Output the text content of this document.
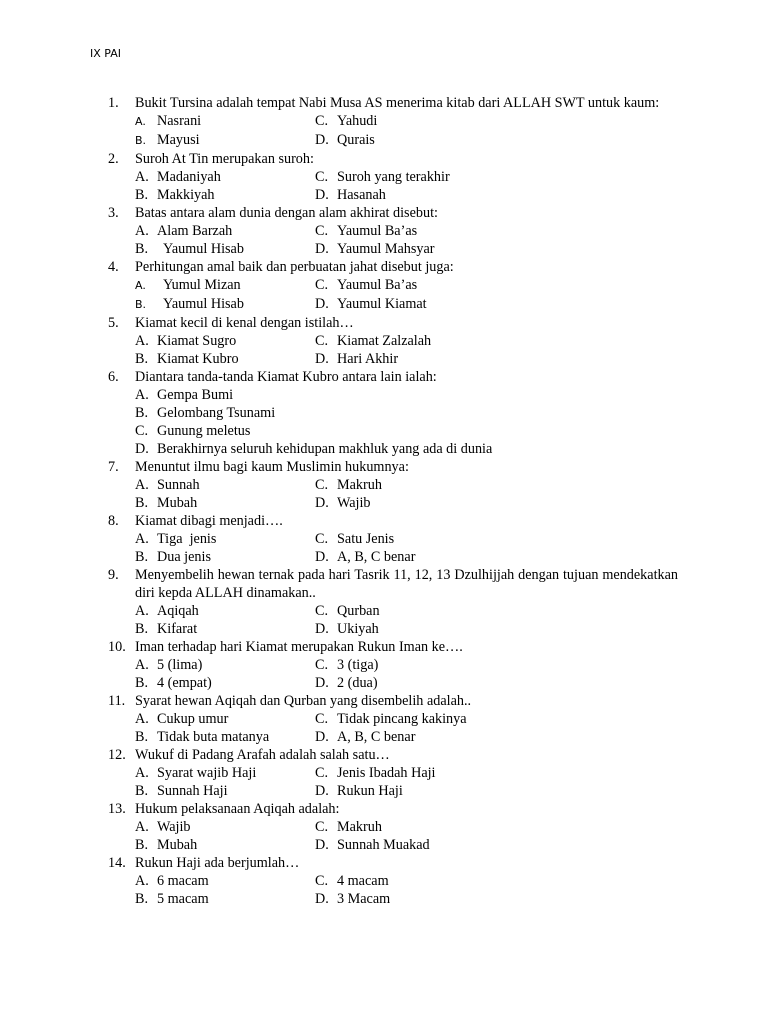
IX PAI
1.	Bukit Tursina adalah tempat Nabi Musa AS menerima kitab dari ALLAH SWT untuk kaum:
A. Nasrani	C. Yahudi
B. Mayusi	D. Qurais
2.	Suroh At Tin merupakan suroh:
A. Madaniyah	C. Suroh yang terakhir
B. Makkiyah	D. Hasanah
3.	Batas antara alam dunia dengan alam akhirat disebut:
A. Alam Barzah	C. Yaumul Ba’as
B. Yaumul Hisab	D. Yaumul Mahsyar
4.	Perhitungan amal baik dan perbuatan jahat disebut juga:
A. Yumul Mizan	C. Yaumul Ba’as
B. Yaumul Hisab	D. Yaumul Kiamat
5.	Kiamat kecil di kenal dengan istilah…
A. Kiamat Sugro	C. Kiamat Zalzalah
B. Kiamat Kubro	D. Hari Akhir
6.	Diantara tanda-tanda Kiamat Kubro antara lain ialah:
A. Gempa Bumi
B. Gelombang Tsunami
C. Gunung meletus
D. Berakhirnya seluruh kehidupan makhluk yang ada di dunia
7.	Menuntut ilmu bagi kaum Muslimin hukumnya:
A. Sunnah	C. Makruh
B. Mubah	D. Wajib
8.	Kiamat dibagi menjadi….
A. Tiga  jenis	C. Satu Jenis
B. Dua jenis	D. A, B, C benar
9.	Menyembelih hewan ternak pada hari Tasrik 11, 12, 13 Dzulhijjah dengan tujuan mendekatkan diri kepda ALLAH dinamakan..
A. Aqiqah	C. Qurban
B. Kifarat	D. Ukiyah
10. Iman terhadap hari Kiamat merupakan Rukun Iman ke….
A. 5 (lima)	C. 3 (tiga)
B. 4 (empat)	D. 2 (dua)
11. Syarat hewan Aqiqah dan Qurban yang disembelih adalah..
A. Cukup umur	C. Tidak pincang kakinya
B. Tidak buta matanya	D. A, B, C benar
12. Wukuf di Padang Arafah adalah salah satu…
A. Syarat wajib Haji	C. Jenis Ibadah Haji
B. Sunnah Haji	D. Rukun Haji
13. Hukum pelaksanaan Aqiqah adalah:
A. Wajib	C. Makruh
B. Mubah	D. Sunnah Muakad
14. Rukun Haji ada berjumlah…
A. 6 macam	C. 4 macam
B. 5 macam	D. 3 Macam
